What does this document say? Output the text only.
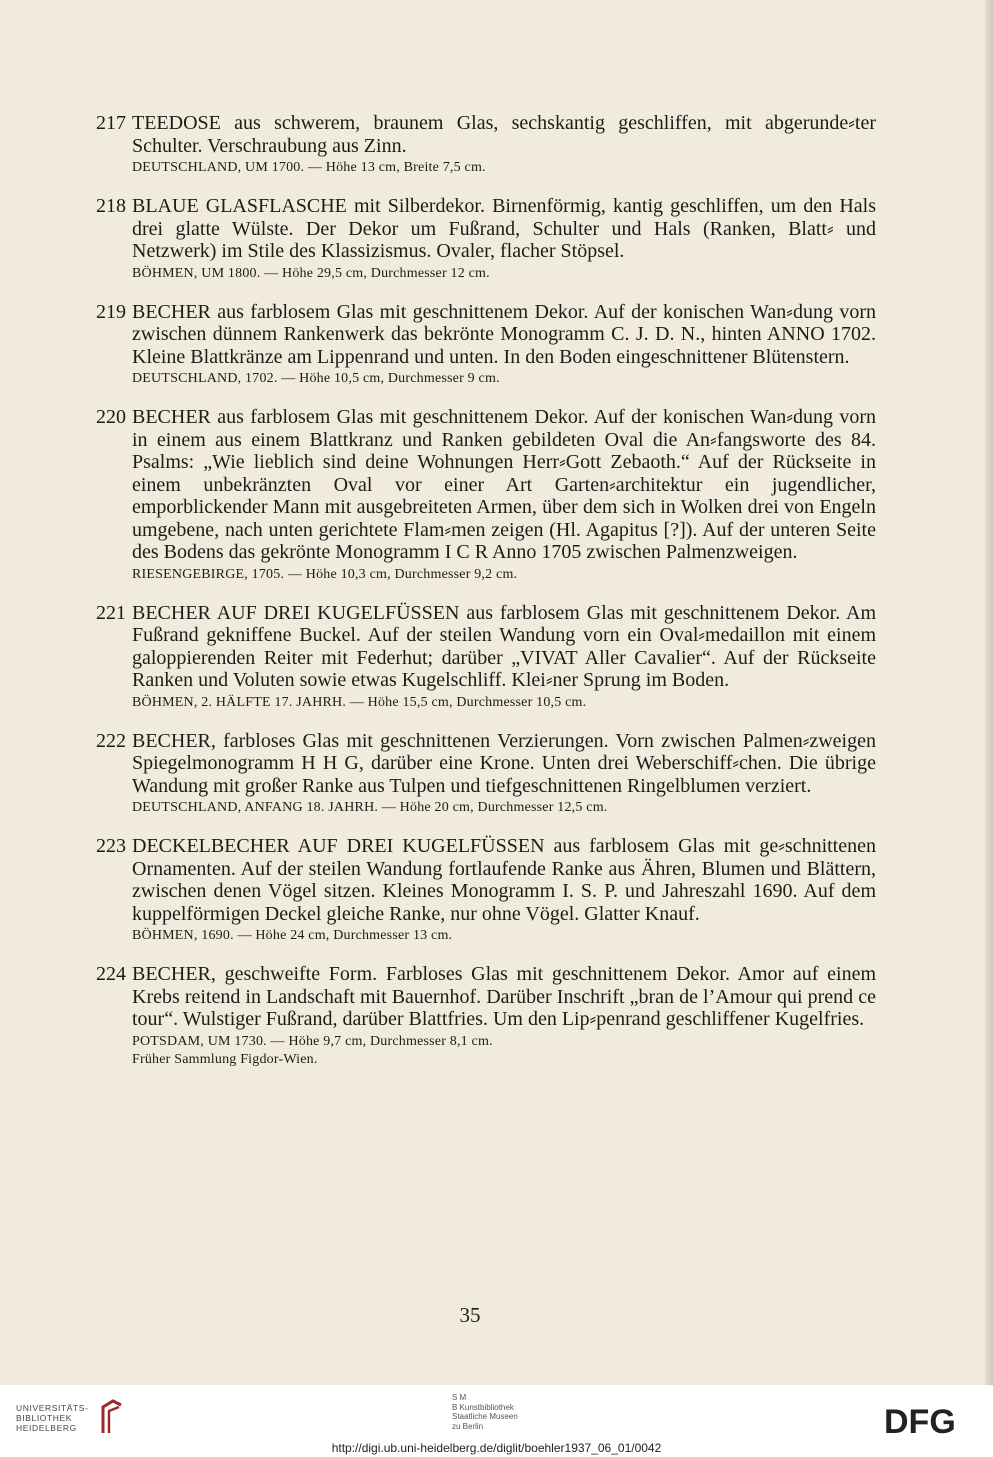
217 TEEDOSE aus schwerem, braunem Glas, sechskantig geschliffen, mit abgerunde⸗ter Schulter. Verschraubung aus Zinn.

DEUTSCHLAND, UM 1700. — Höhe 13 cm, Breite 7,5 cm.

218 BLAUE GLASFLASCHE mit Silberdekor. Birnenförmig, kantig geschliffen, um den Hals drei glatte Wülste. Der Dekor um Fußrand, Schulter und Hals (Ranken, Blatt⸗ und Netzwerk) im Stile des Klassizismus. Ovaler, flacher Stöpsel.

BÖHMEN, UM 1800. — Höhe 29,5 cm, Durchmesser 12 cm.

219 BECHER aus farblosem Glas mit geschnittenem Dekor. Auf der konischen Wan⸗dung vorn zwischen dünnem Rankenwerk das bekrönte Monogramm C. J. D. N., hinten ANNO 1702. Kleine Blattkränze am Lippenrand und unten. In den Boden eingeschnittener Blütenstern.

DEUTSCHLAND, 1702. — Höhe 10,5 cm, Durchmesser 9 cm.

220 BECHER aus farblosem Glas mit geschnittenem Dekor. Auf der konischen Wan⸗dung vorn in einem aus einem Blattkranz und Ranken gebildeten Oval die An⸗fangsworte des 84. Psalms: „Wie lieblich sind deine Wohnungen Herr⸗Gott Zebaoth.“ Auf der Rückseite in einem unbekränzten Oval vor einer Art Garten⸗architektur ein jugendlicher, emporblickender Mann mit ausgebreiteten Armen, über dem sich in Wolken drei von Engeln umgebene, nach unten gerichtete Flam⸗men zeigen (Hl. Agapitus [?]). Auf der unteren Seite des Bodens das gekrönte Monogramm I C R Anno 1705 zwischen Palmenzweigen.

RIESENGEBIRGE, 1705. — Höhe 10,3 cm, Durchmesser 9,2 cm.

221 BECHER AUF DREI KUGELFÜSSEN aus farblosem Glas mit geschnittenem Dekor. Am Fußrand gekniffene Buckel. Auf der steilen Wandung vorn ein Oval⸗medaillon mit einem galoppierenden Reiter mit Federhut; darüber „VIVAT Aller Cavalier“. Auf der Rückseite Ranken und Voluten sowie etwas Kugelschliff. Klei⸗ner Sprung im Boden.

BÖHMEN, 2. HÄLFTE 17. JAHRH. — Höhe 15,5 cm, Durchmesser 10,5 cm.

222 BECHER, farbloses Glas mit geschnittenen Verzierungen. Vorn zwischen Palmen⸗zweigen Spiegelmonogramm H H G, darüber eine Krone. Unten drei Weberschiff⸗chen. Die übrige Wandung mit großer Ranke aus Tulpen und tiefgeschnittenen Ringelblumen verziert.

DEUTSCHLAND, ANFANG 18. JAHRH. — Höhe 20 cm, Durchmesser 12,5 cm.

223 DECKELBECHER AUF DREI KUGELFÜSSEN aus farblosem Glas mit ge⸗schnittenen Ornamenten. Auf der steilen Wandung fortlaufende Ranke aus Ähren, Blumen und Blättern, zwischen denen Vögel sitzen. Kleines Monogramm I. S. P. und Jahreszahl 1690. Auf dem kuppelförmigen Deckel gleiche Ranke, nur ohne Vögel. Glatter Knauf.

BÖHMEN, 1690. — Höhe 24 cm, Durchmesser 13 cm.

224 BECHER, geschweifte Form. Farbloses Glas mit geschnittenem Dekor. Amor auf einem Krebs reitend in Landschaft mit Bauernhof. Darüber Inschrift „bran de l’Amour qui prend ce tour“. Wulstiger Fußrand, darüber Blattfries. Um den Lip⸗penrand geschliffener Kugelfries.

POTSDAM, UM 1730. — Höhe 9,7 cm, Durchmesser 8,1 cm.

Früher Sammlung Figdor-Wien.

35
UNIVERSITÄTS-
BIBLIOTHEK
HEIDELBERG
S M
B Kunstbibliothek
Staatliche Museen
zu Berlin	DFG
http://digi.ub.uni-heidelberg.de/diglit/boehler1937_06_01/0042
